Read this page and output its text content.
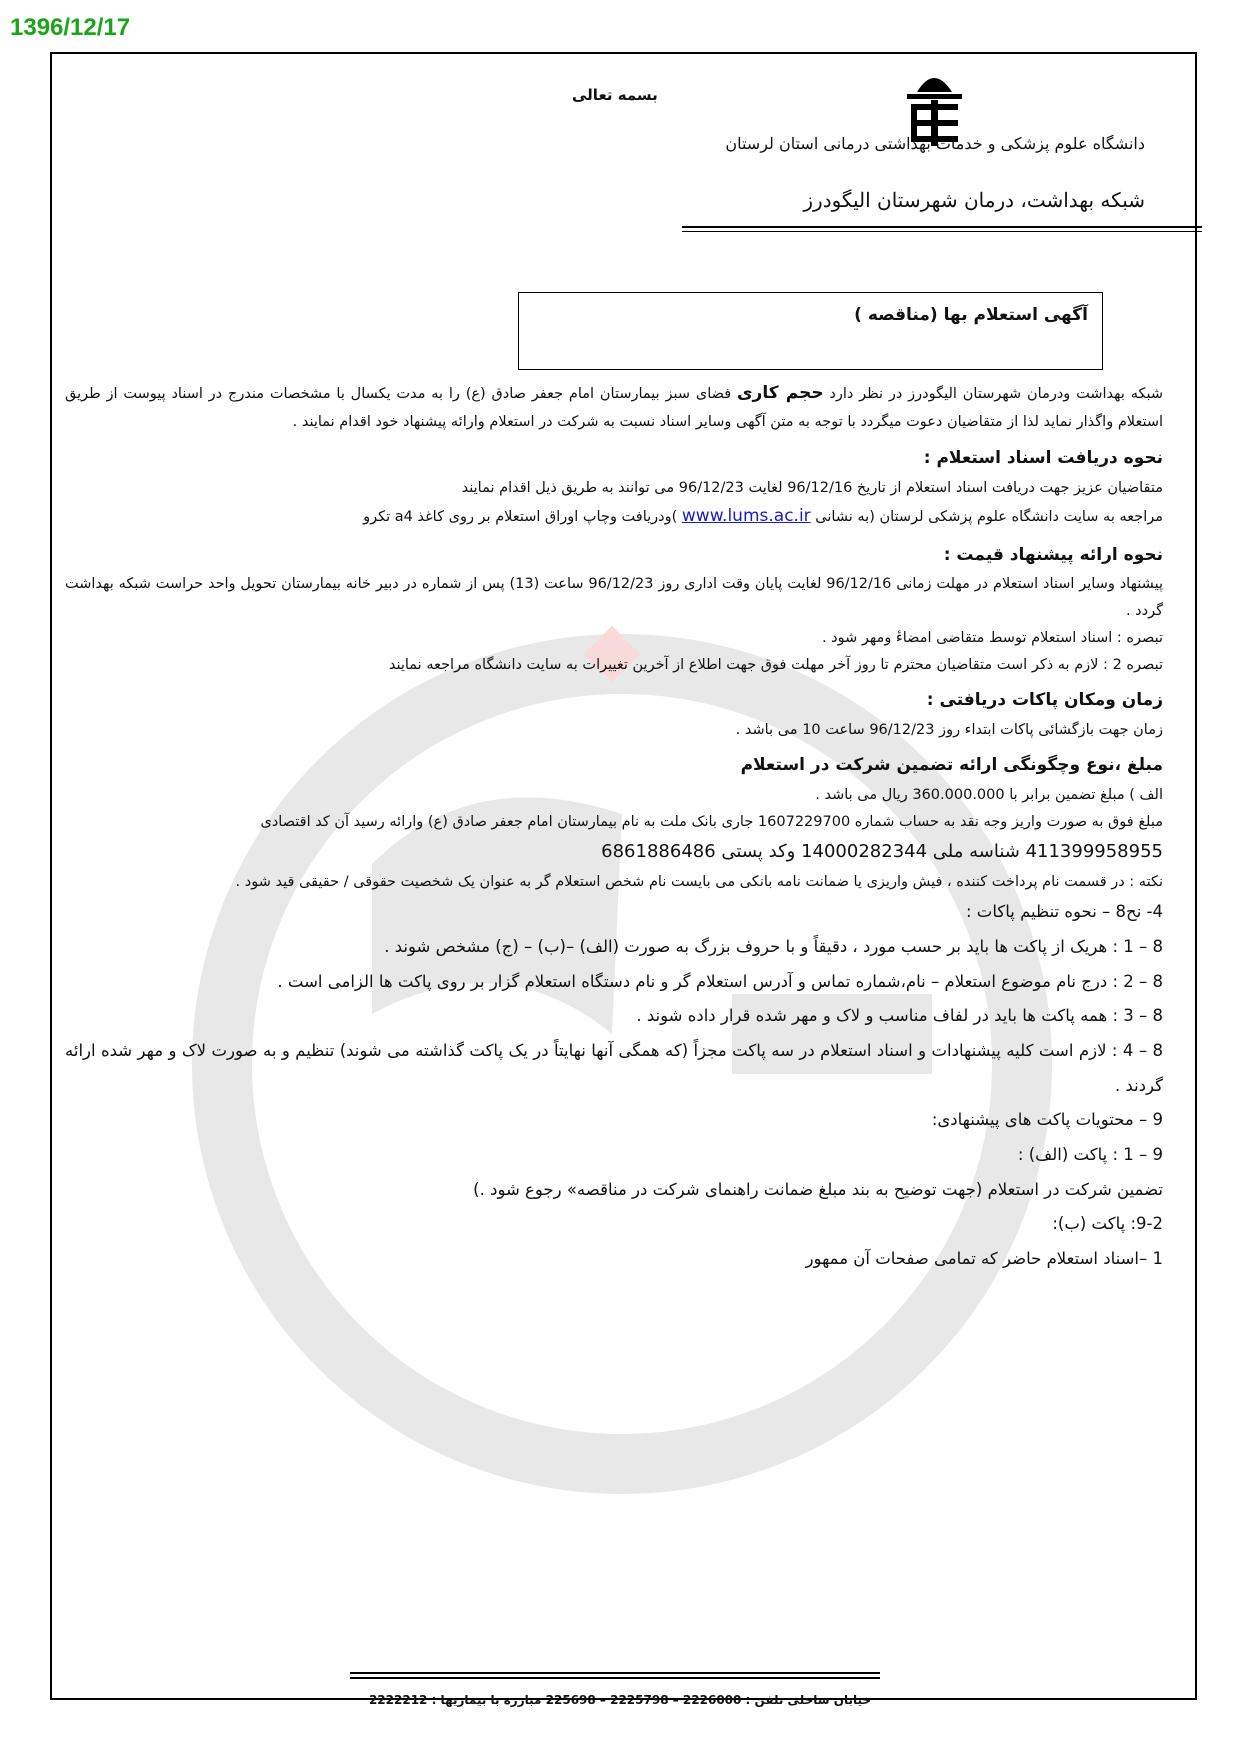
1396/12/17
بسمه تعالی
دانشگاه علوم پزشکی و خدمات بهداشتی درمانی استان لرستان
شبکه بهداشت، درمان شهرستان الیگودرز
آگهی استعلام بها (مناقصه )

شبکه بهداشت ودرمان شهرستان الیگودرز در نظر دارد حجم کاری فضای سبز بیمارستان امام جعفر صادق (ع) را به مدت یکسال با مشخصات مندرج در اسناد پیوست از طریق استعلام واگذار نماید لذا از متقاضیان دعوت میگردد با توجه به متن آگهی وسایر اسناد نسبت به شرکت در استعلام وارائه پیشنهاد خود اقدام نمایند .

نحوه دریافت اسناد استعلام :

متقاضیان عزیز جهت دریافت اسناد استعلام از تاریخ 96/12/16 لغایت 96/12/23 می توانند به طریق ذیل اقدام نمایند

مراجعه به سایت دانشگاه علوم پزشکی لرستان (به نشانی www.lums.ac.ir )ودریافت وچاپ اوراق استعلام بر روی کاغذ a4 تکرو

نحوه ارائه پیشنهاد قیمت :

پیشنهاد وسایر اسناد استعلام در مهلت زمانی 96/12/16 لغایت پایان وقت اداری روز 96/12/23 ساعت (13) پس از شماره در دبیر خانه بیمارستان تحویل واحد حراست شبکه بهداشت گردد .

تبصره : اسناد استعلام توسط متقاضی امضاءٔ ومهر شود .

تبصره 2 : لازم به ذکر است متقاضیان محترم تا روز آخر مهلت فوق جهت اطلاع از آخرین تغییرات به سایت دانشگاه مراجعه نمایند

زمان ومکان پاکات دریافتی :

زمان جهت بازگشائی پاکات ابتداء روز 96/12/23 ساعت 10 می باشد .

مبلغ ،نوع وچگونگی ارائه تضمین شرکت در استعلام

الف ) مبلغ تضمین برابر با 360.000.000 ریال می باشد .

مبلغ فوق به صورت واریز وجه نقد به حساب شماره 1607229700 جاری بانک ملت به نام بیمارستان امام جعفر صادق (ع) وارائه رسید آن کد اقتصادی

411399958955 شناسه ملی 14000282344 وکد پستی 6861886486

نکته : در قسمت نام پرداخت کننده ، فیش واریزی یا ضمانت نامه بانکی می بایست نام شخص استعلام گر به عنوان یک شخصیت حقوقی / حقیقی قید شود .

4- نح8 – نحوه تنظیم پاکات :

8 – 1 : هریک از پاکت ها باید بر حسب مورد ، دقیقاً و با حروف بزرگ به صورت (الف) –(ب) – (ج) مشخص شوند .

8 – 2 : درج نام موضوع استعلام – نام،شماره تماس و آدرس استعلام گر و نام دستگاه استعلام گزار بر روی پاکت ها الزامی است .

8 – 3 : همه پاکت ها باید در لفاف مناسب و لاک و مهر شده قرار داده شوند .

8 – 4 : لازم است کلیه پیشنهادات و اسناد استعلام در سه پاکت مجزاً (که همگی آنها نهایتاً در یک پاکت گذاشته می شوند) تنظیم و به صورت لاک و مهر شده ارائه گردند .

9 – محتویات پاکت های پیشنهادی:

9 – 1 : پاکت (الف) :

تضمین شرکت در استعلام (جهت توضیح به بند مبلغ ضمانت راهنمای شرکت در مناقصه» رجوع شود .)

9-2: پاکت (ب):

1 –اسناد استعلام حاضر که تمامی صفحات آن ممهور

خیابان ساحلی تلفن : 2226000 – 2225798 – 225698 مبارزه با بیماریها : 2222212
